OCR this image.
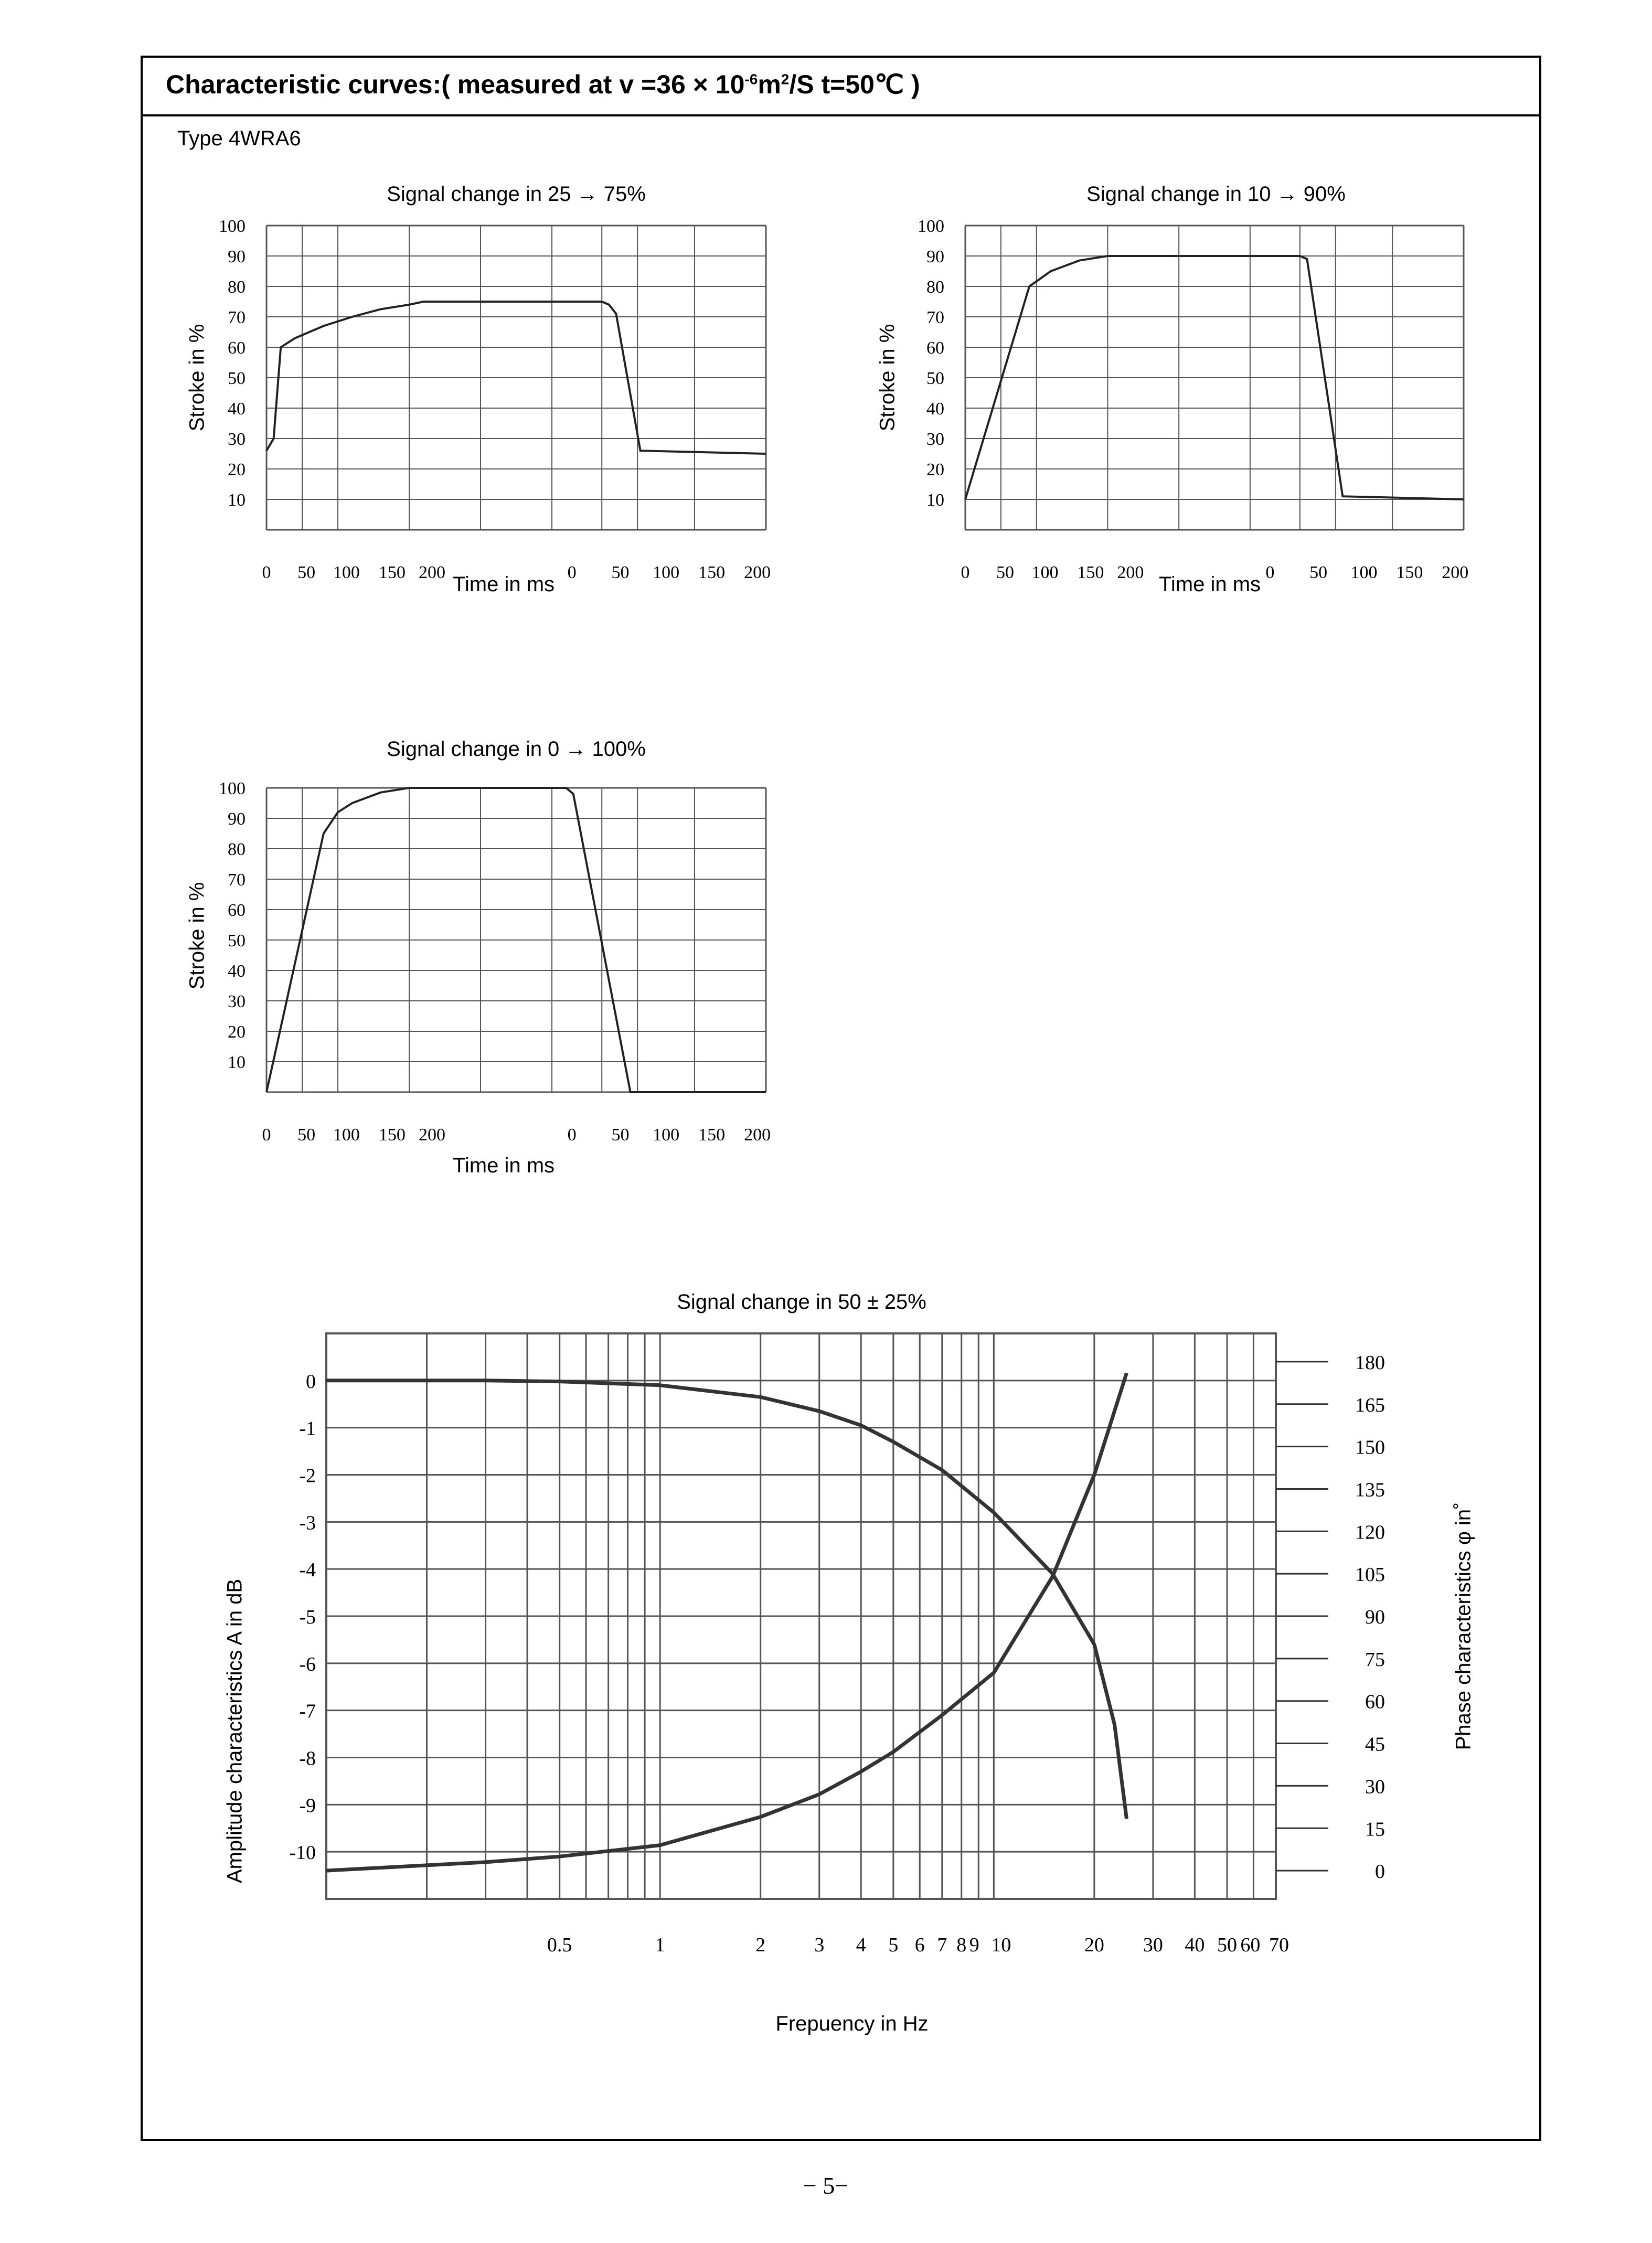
Characteristic curves:( measured at $v =36 \times 10^{-6}m^2/S$ t=50℃ )
Type 4WRA6
Signal change in 25 → 75%
Stroke in %
Time in ms
10
20
30
40
50
60
70
80
90
100
0 50 100 150 200	0 50 100 150 200
Signal change in 10 → 90%
Stroke in %
Time in ms
10
20
30
40
50
60
70
80
90
100
0 50 100 150 200	0 50 100 150 200
Signal change in 0 → 100%
Stroke in %
Time in ms
10
20
30
40
50
60
70
80
90
100
0 50 100 150 200	0 50 100 150 200
Signal change in 50 ± 25%
Amplitude characteristics A in dB	Phase characteristics φ in˚
Frepuency in Hz
0
-1
-2
-3
-4
-5
-6
-7
-8
-9
-10
180
165
150
135
120
105
90
75
60
45
30
15
0
0.5	1	2 3 4 5 6 7 8 9 10	20 30 40 50 60 70
− 5−
